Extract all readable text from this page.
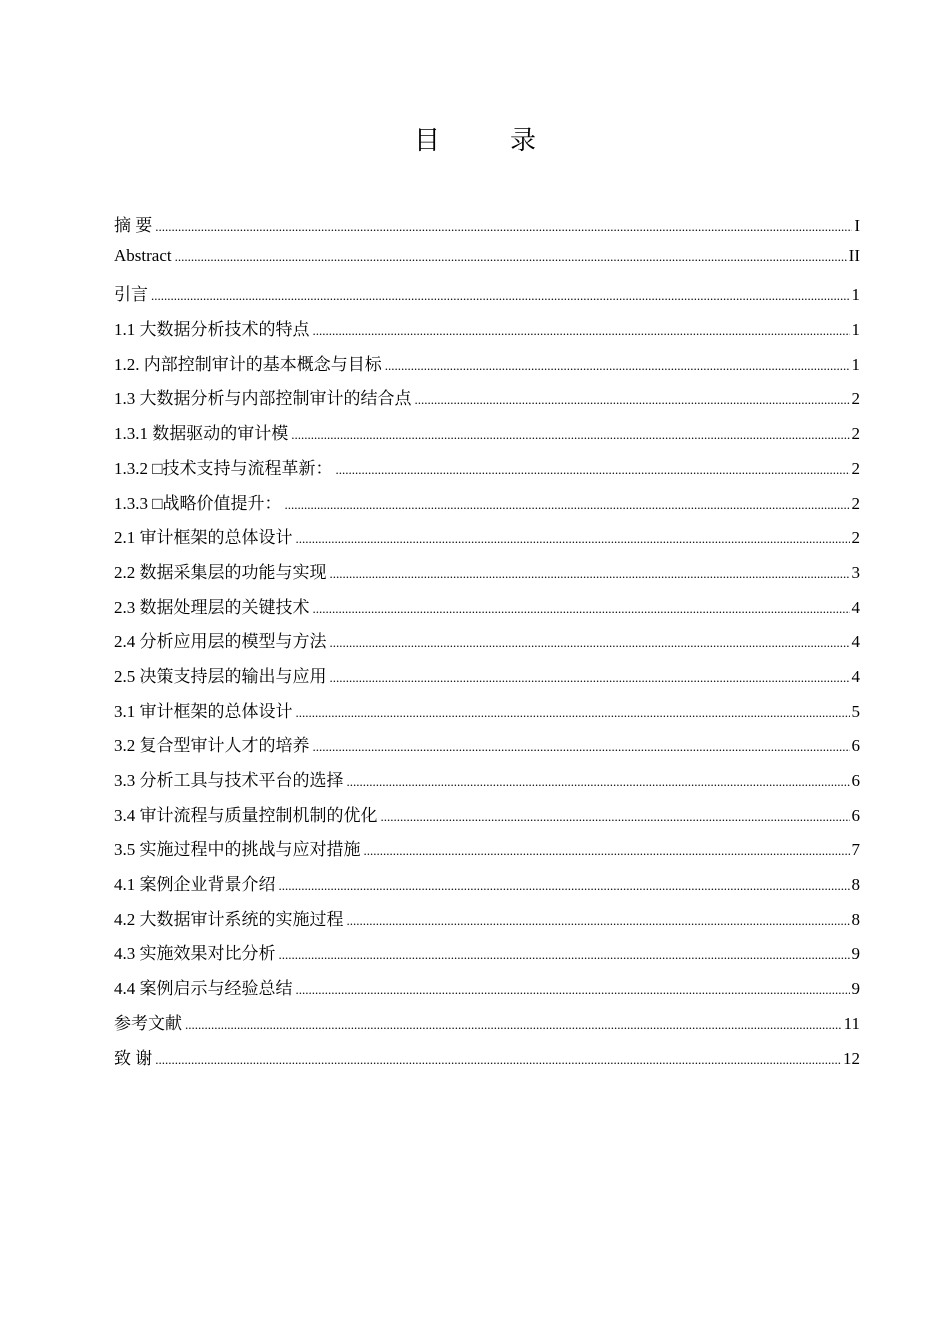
目　录
摘 要 .....	I
Abstract .....	II
引言 .....	1
1.1 大数据分析技术的特点 .....	1
1.2. 内部控制审计的基本概念与目标 .....	1
1.3 大数据分析与内部控制审计的结合点 .....	2
1.3.1 数据驱动的审计模 .....	2
1.3.2 □技术支持与流程革新： .....	2
1.3.3 □战略价值提升： .....	2
2.1 审计框架的总体设计 .....	2
2.2 数据采集层的功能与实现 .....	3
2.3 数据处理层的关键技术 .....	4
2.4 分析应用层的模型与方法 .....	4
2.5 决策支持层的输出与应用 .....	4
3.1 审计框架的总体设计 .....	5
3.2 复合型审计人才的培养 .....	6
3.3 分析工具与技术平台的选择 .....	6
3.4 审计流程与质量控制机制的优化 .....	6
3.5 实施过程中的挑战与应对措施 .....	7
4.1 案例企业背景介绍 .....	8
4.2 大数据审计系统的实施过程 .....	8
4.3 实施效果对比分析 .....	9
4.4 案例启示与经验总结 .....	9
参考文献 .....	11
致 谢 .....	12
